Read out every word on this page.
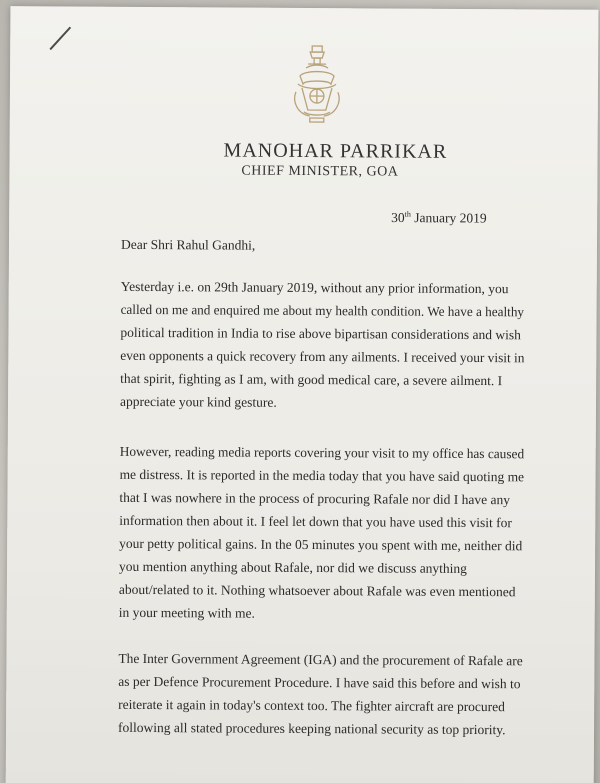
MANOHAR PARRIKAR
CHIEF MINISTER, GOA
30th January 2019
Dear Shri Rahul Gandhi,
Yesterday i.e. on 29th January 2019, without any prior information, you
called on me and enquired me about my health condition. We have a healthy
political tradition in India to rise above bipartisan considerations and wish
even opponents a quick recovery from any ailments. I received your visit in
that spirit, fighting as I am, with good medical care, a severe ailment. I
appreciate your kind gesture.
However, reading media reports covering your visit to my office has caused
me distress. It is reported in the media today that you have said quoting me
that I was nowhere in the process of procuring Rafale nor did I have any
information then about it. I feel let down that you have used this visit for
your petty political gains. In the 05 minutes you spent with me, neither did
you mention anything about Rafale, nor did we discuss anything
about/related to it. Nothing whatsoever about Rafale was even mentioned
in your meeting with me.
The Inter Government Agreement (IGA) and the procurement of Rafale are
as per Defence Procurement Procedure. I have said this before and wish to
reiterate it again in today's context too. The fighter aircraft are procured
following all stated procedures keeping national security as top priority.
